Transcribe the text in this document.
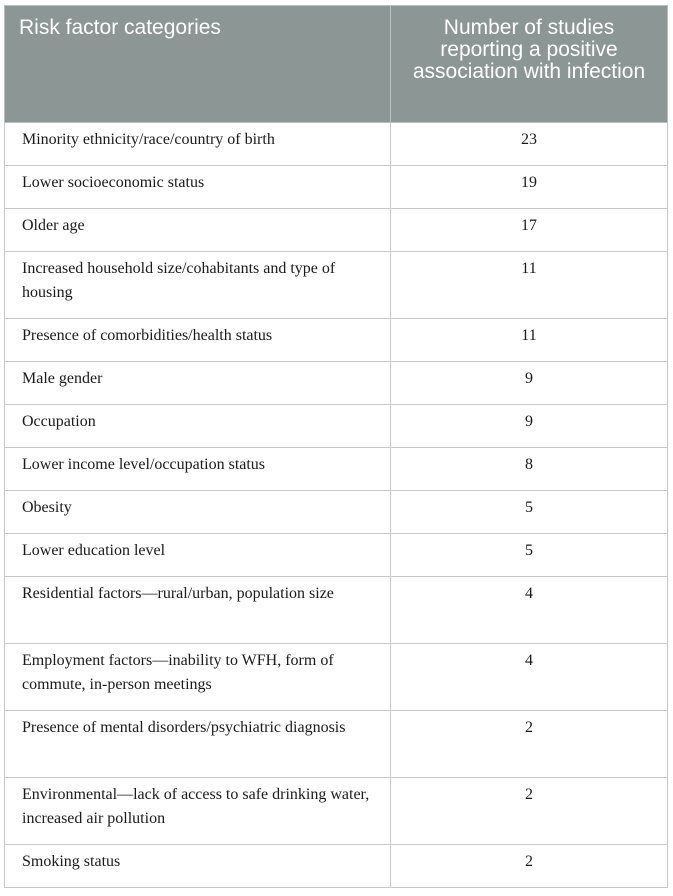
Risk factor categories	Number of studies reporting a positive association with infection
Minority ethnicity/race/country of birth	23
Lower socioeconomic status	19
Older age	17
Increased household size/cohabitants and type of housing	11
Presence of comorbidities/health status	11
Male gender	9
Occupation	9
Lower income level/occupation status	8
Obesity	5
Lower education level	5
Residential factors—rural/urban, population size	4
Employment factors—inability to WFH, form of commute, in-person meetings	4
Presence of mental disorders/psychiatric diagnosis	2
Environmental—lack of access to safe drinking water, increased air pollution	2
Smoking status	2
